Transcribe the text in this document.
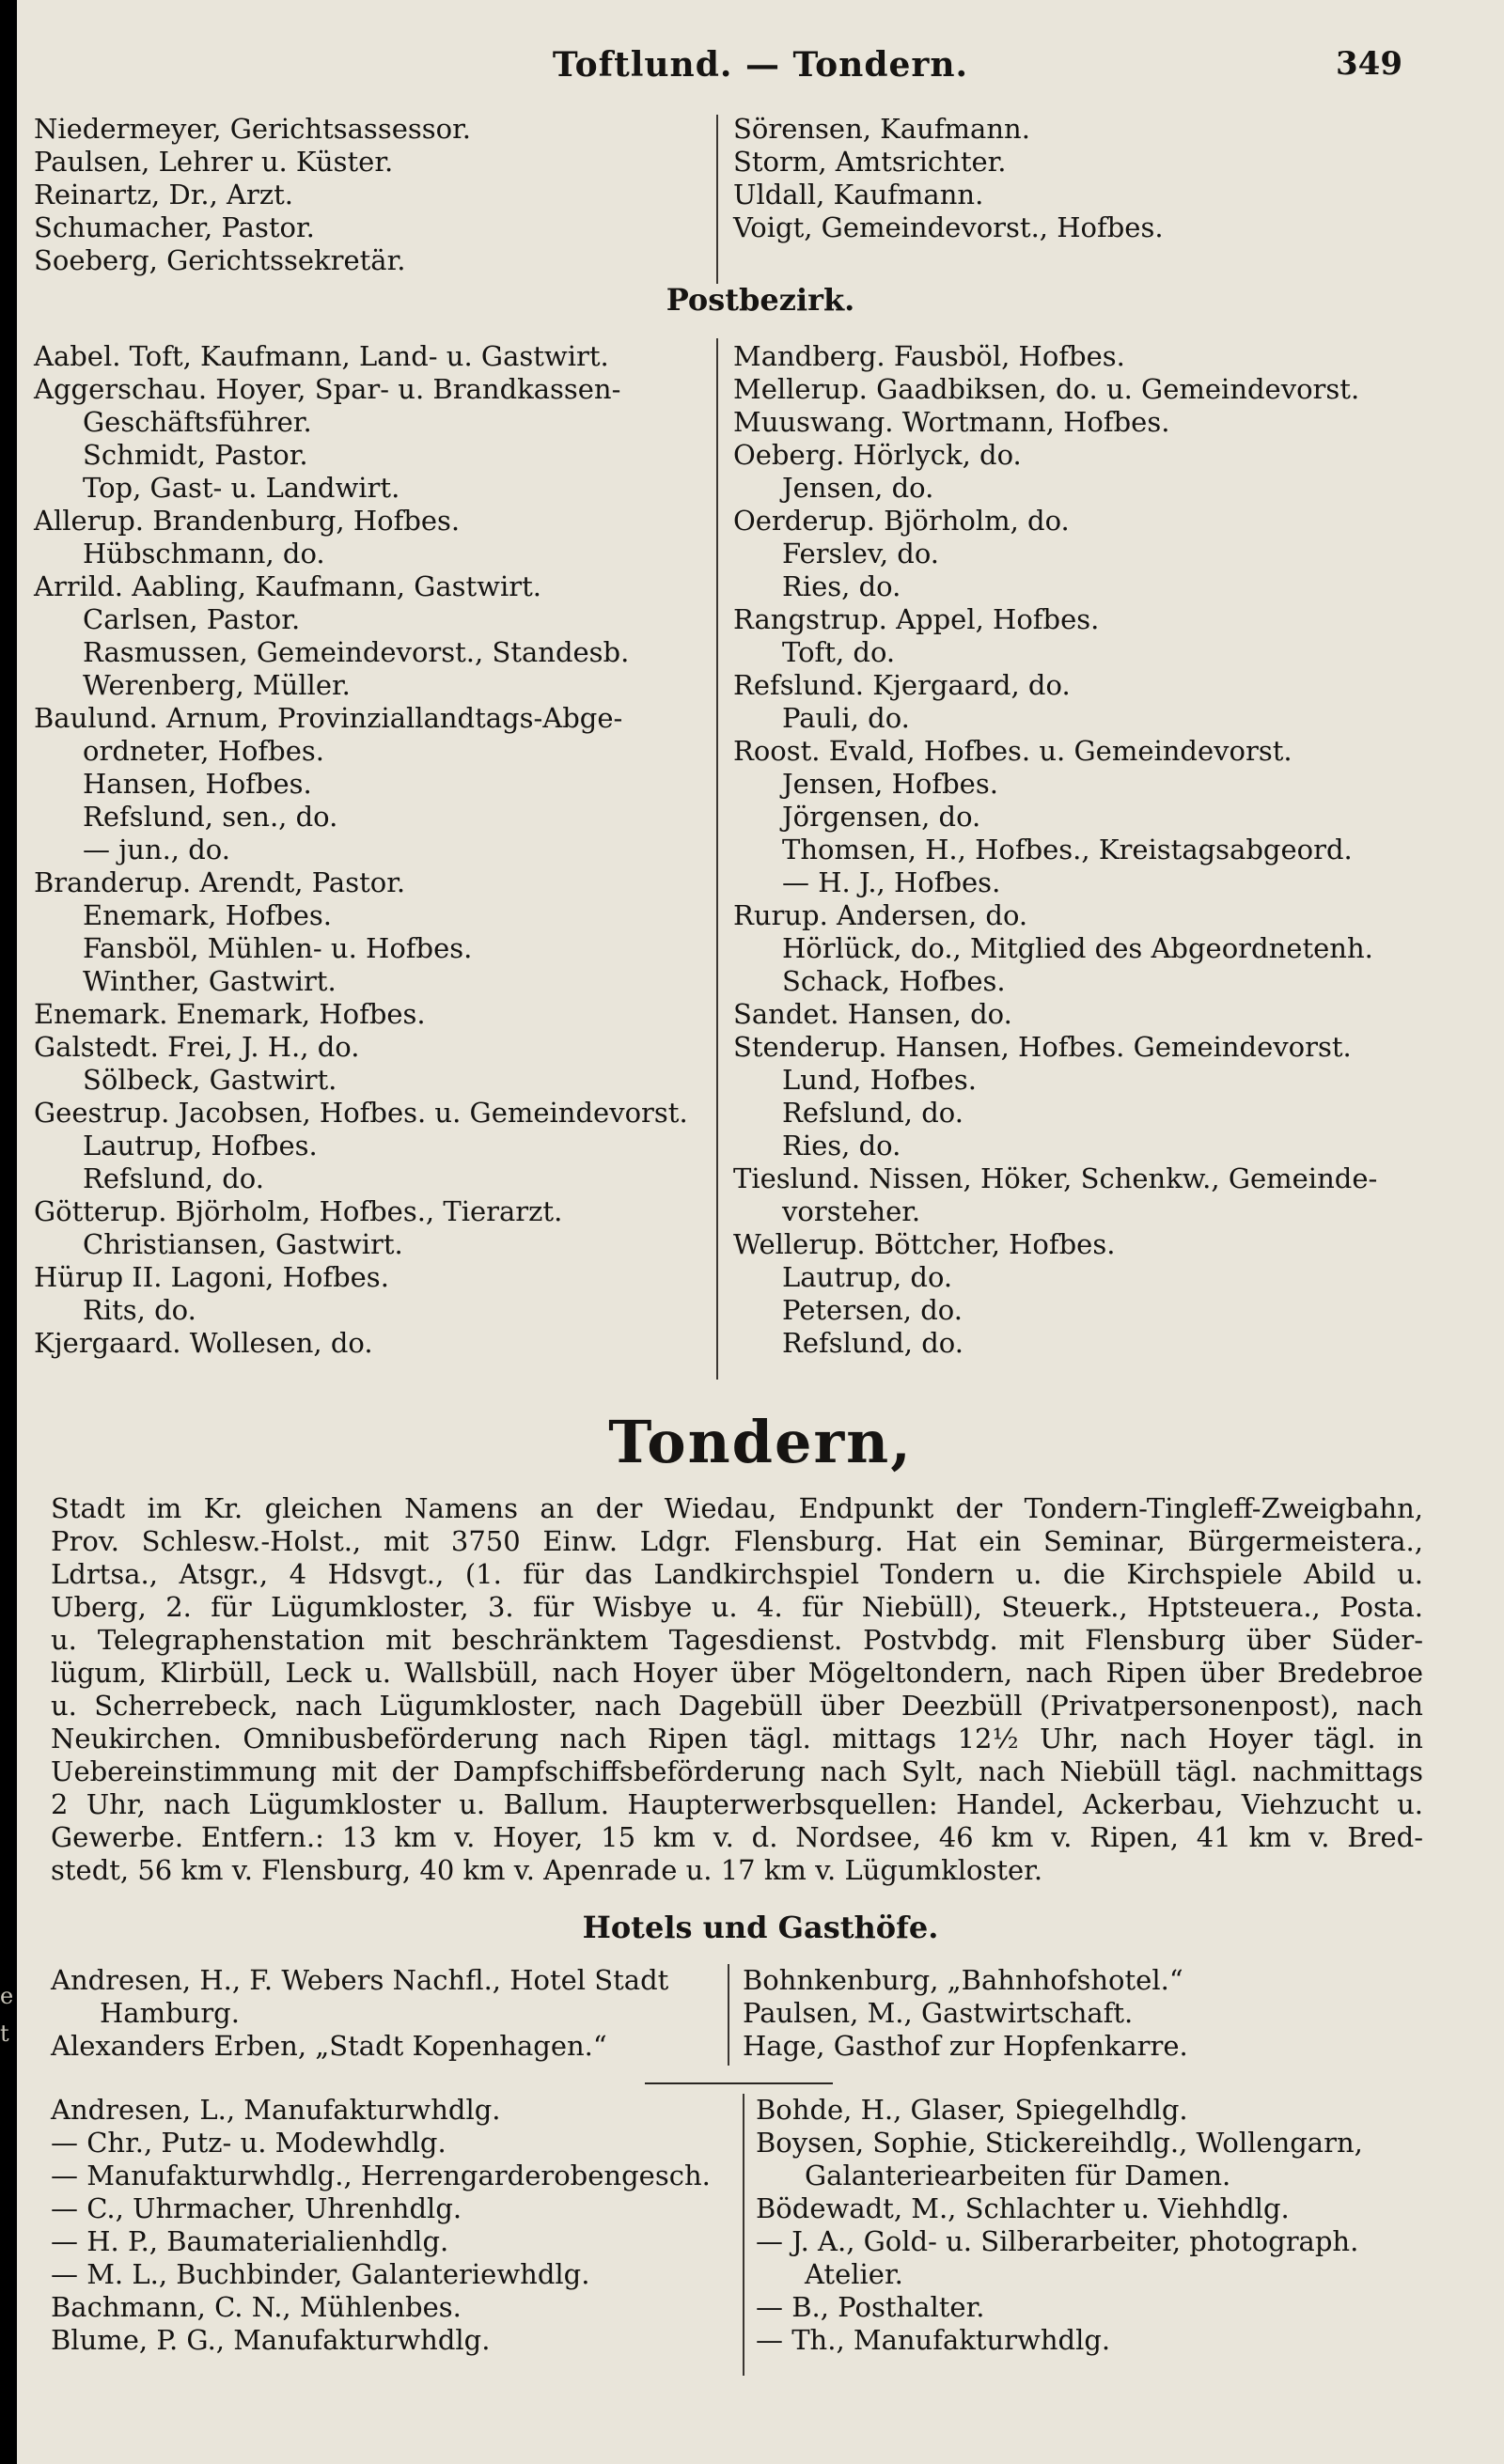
Toftlund. — Tondern.	349
Niedermeyer, Gerichtsassessor.
Paulsen, Lehrer u. Küster.
Reinartz, Dr., Arzt.
Schumacher, Pastor.
Soeberg, Gerichtssekretär.
Sörensen, Kaufmann.
Storm, Amtsrichter.
Uldall, Kaufmann.
Voigt, Gemeindevorst., Hofbes.
Postbezirk.
Aabel. Toft, Kaufmann, Land- u. Gastwirt.
Aggerschau. Hoyer, Spar- u. Brandkassen-
Geschäftsführer.
Schmidt, Pastor.
Top, Gast- u. Landwirt.
Allerup. Brandenburg, Hofbes.
Hübschmann, do.
Arrild. Aabling, Kaufmann, Gastwirt.
Carlsen, Pastor.
Rasmussen, Gemeindevorst., Standesb.
Werenberg, Müller.
Baulund. Arnum, Provinziallandtags-Abge-
ordneter, Hofbes.
Hansen, Hofbes.
Refslund, sen., do.
— jun., do.
Branderup. Arendt, Pastor.
Enemark, Hofbes.
Fansböl, Mühlen- u. Hofbes.
Winther, Gastwirt.
Enemark. Enemark, Hofbes.
Galstedt. Frei, J. H., do.
Sölbeck, Gastwirt.
Geestrup. Jacobsen, Hofbes. u. Gemeindevorst.
Lautrup, Hofbes.
Refslund, do.
Götterup. Björholm, Hofbes., Tierarzt.
Christiansen, Gastwirt.
Hürup II. Lagoni, Hofbes.
Rits, do.
Kjergaard. Wollesen, do.
Mandberg. Fausböl, Hofbes.
Mellerup. Gaadbiksen, do. u. Gemeindevorst.
Muuswang. Wortmann, Hofbes.
Oeberg. Hörlyck, do.
Jensen, do.
Oerderup. Björholm, do.
Ferslev, do.
Ries, do.
Rangstrup. Appel, Hofbes.
Toft, do.
Refslund. Kjergaard, do.
Pauli, do.
Roost. Evald, Hofbes. u. Gemeindevorst.
Jensen, Hofbes.
Jörgensen, do.
Thomsen, H., Hofbes., Kreistagsabgeord.
— H. J., Hofbes.
Rurup. Andersen, do.
Hörlück, do., Mitglied des Abgeordnetenh.
Schack, Hofbes.
Sandet. Hansen, do.
Stenderup. Hansen, Hofbes. Gemeindevorst.
Lund, Hofbes.
Refslund, do.
Ries, do.
Tieslund. Nissen, Höker, Schenkw., Gemeinde-
vorsteher.
Wellerup. Böttcher, Hofbes.
Lautrup, do.
Petersen, do.
Refslund, do.
Tondern,
Stadt im Kr. gleichen Namens an der Wiedau, Endpunkt der Tondern-Tingleff-Zweigbahn,
Prov. Schlesw.-Holst., mit 3750 Einw. Ldgr. Flensburg. Hat ein Seminar, Bürgermeistera.,
Ldrtsa., Atsgr., 4 Hdsvgt., (1. für das Landkirchspiel Tondern u. die Kirchspiele Abild u.
Uberg, 2. für Lügumkloster, 3. für Wisbye u. 4. für Niebüll), Steuerk., Hptsteuera., Posta.
u. Telegraphenstation mit beschränktem Tagesdienst. Postvbdg. mit Flensburg über Süder-
lügum, Klirbüll, Leck u. Wallsbüll, nach Hoyer über Mögeltondern, nach Ripen über Bredebroe
u. Scherrebeck, nach Lügumkloster, nach Dagebüll über Deezbüll (Privatpersonenpost), nach
Neukirchen. Omnibusbeförderung nach Ripen tägl. mittags 12½ Uhr, nach Hoyer tägl. in
Uebereinstimmung mit der Dampfschiffsbeförderung nach Sylt, nach Niebüll tägl. nachmittags
2 Uhr, nach Lügumkloster u. Ballum. Haupterwerbsquellen: Handel, Ackerbau, Viehzucht u.
Gewerbe. Entfern.: 13 km v. Hoyer, 15 km v. d. Nordsee, 46 km v. Ripen, 41 km v. Bred-
stedt, 56 km v. Flensburg, 40 km v. Apenrade u. 17 km v. Lügumkloster.
Hotels und Gasthöfe.
Andresen, H., F. Webers Nachfl., Hotel Stadt
Hamburg.
Alexanders Erben, „Stadt Kopenhagen.“
Bohnkenburg, „Bahnhofshotel.“
Paulsen, M., Gastwirtschaft.
Hage, Gasthof zur Hopfenkarre.
Andresen, L., Manufakturwhdlg.
— Chr., Putz- u. Modewhdlg.
— Manufakturwhdlg., Herrengarderobengesch.
— C., Uhrmacher, Uhrenhdlg.
— H. P., Baumaterialienhdlg.
— M. L., Buchbinder, Galanteriewhdlg.
Bachmann, C. N., Mühlenbes.
Blume, P. G., Manufakturwhdlg.
Bohde, H., Glaser, Spiegelhdlg.
Boysen, Sophie, Stickereihdlg., Wollengarn,
Galanteriearbeiten für Damen.
Bödewadt, M., Schlachter u. Viehhdlg.
— J. A., Gold- u. Silberarbeiter, photograph.
Atelier.
— B., Posthalter.
— Th., Manufakturwhdlg.
e
t
